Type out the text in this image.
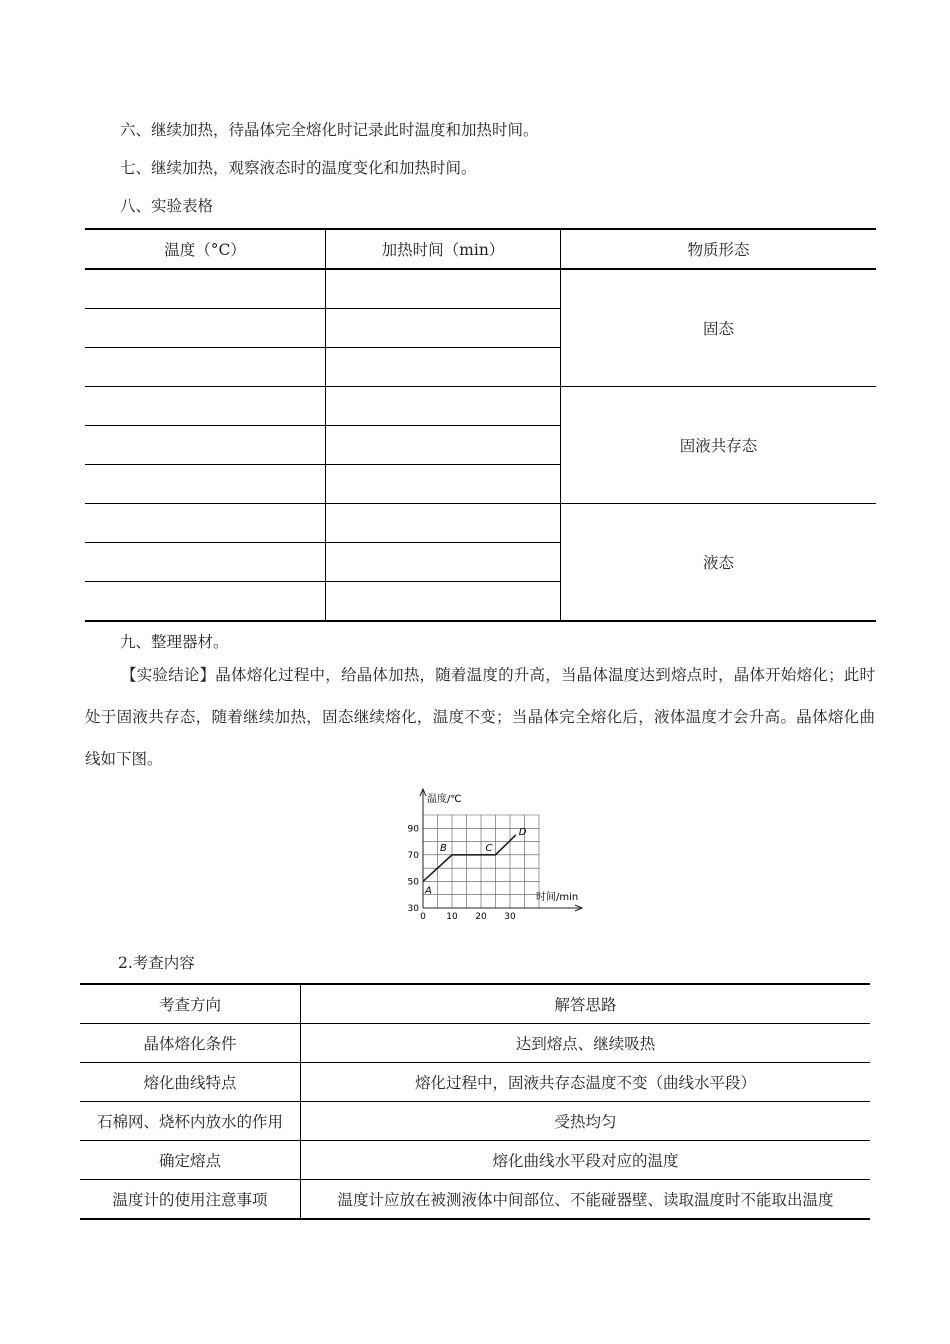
六、继续加热，待晶体完全熔化时记录此时温度和加热时间。
七、继续加热，观察液态时的温度变化和加热时间。
八、实验表格
温度（°C）	加热时间（min）	物质形态
		固态

		固液共存态

		液态

九、整理器材。
【实验结论】晶体熔化过程中，给晶体加热，随着温度的升高，当晶体温度达到熔点时，晶体开始熔化；此时处于固液共存态，随着继续加热，固态继续熔化，温度不变；当晶体完全熔化后，液体温度才会升高。晶体熔化曲线如下图。
温度/℃
时间/min
30
50
70
90
0 10 20 30
A
B	C
D
2.考查内容
考查方向	解答思路
晶体熔化条件	达到熔点、继续吸热
熔化曲线特点	熔化过程中，固液共存态温度不变（曲线水平段）
石棉网、烧杯内放水的作用	受热均匀
确定熔点	熔化曲线水平段对应的温度
温度计的使用注意事项	温度计应放在被测液体中间部位、不能碰器壁、读取温度时不能取出温度
